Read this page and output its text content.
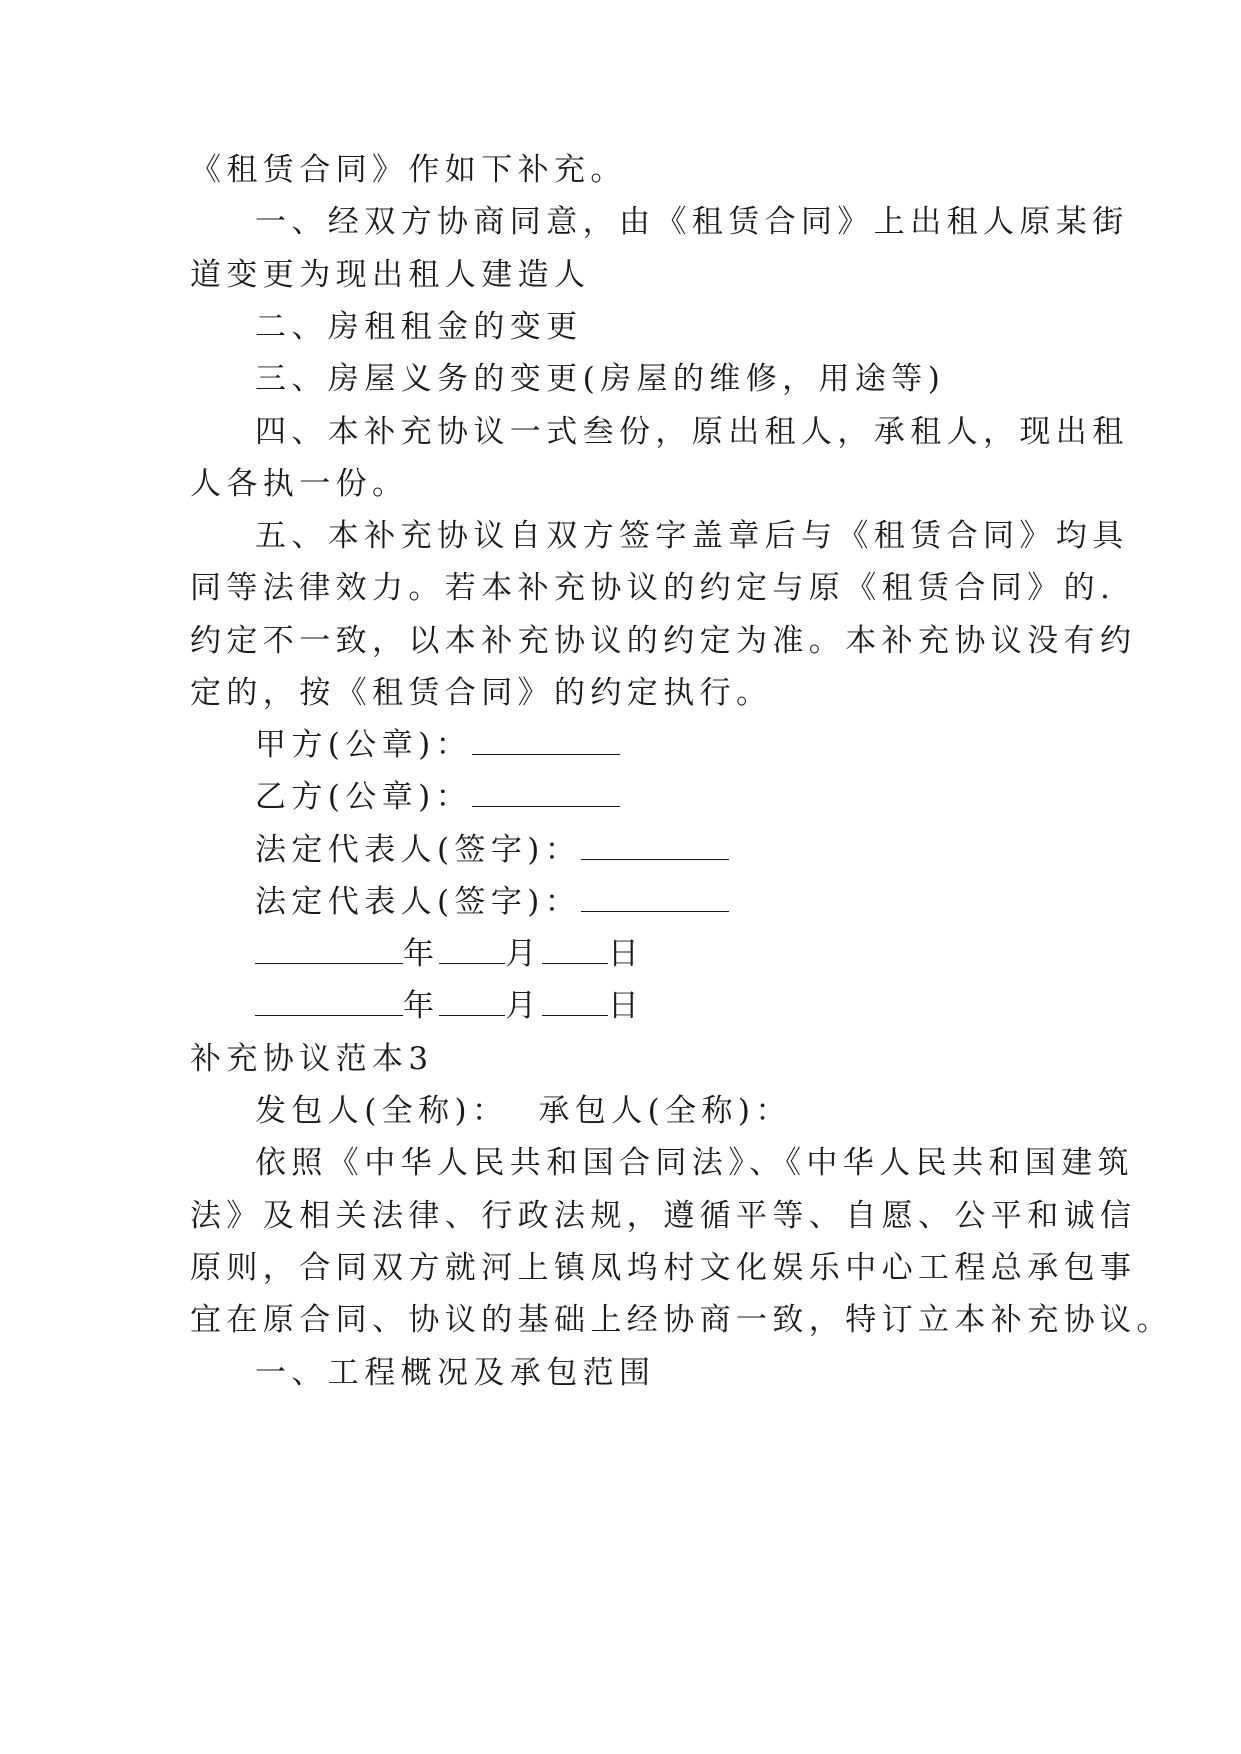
《租赁合同》作如下补充。
一、经双方协商同意，由《租赁合同》上出租人原某街
道变更为现出租人建造人
二、房租租金的变更
三、房屋义务的变更(房屋的维修，用途等)
四、本补充协议一式叁份，原出租人，承租人，现出租
人各执一份。
五、本补充协议自双方签字盖章后与《租赁合同》均具
同等法律效力。若本补充协议的约定与原《租赁合同》的.
约定不一致，以本补充协议的约定为准。本补充协议没有约
定的，按《租赁合同》的约定执行。
甲方(公章)：
乙方(公章)：
法定代表人(签字)：
法定代表人(签字)：
年 月 日
年 月 日
补充协议范本3
发包人(全称)： 承包人(全称)：
依照《中华人民共和国合同法》、《中华人民共和国建筑
法》及相关法律、行政法规，遵循平等、自愿、公平和诚信
原则，合同双方就河上镇凤坞村文化娱乐中心工程总承包事
宜在原合同、协议的基础上经协商一致，特订立本补充协议。
一、工程概况及承包范围
